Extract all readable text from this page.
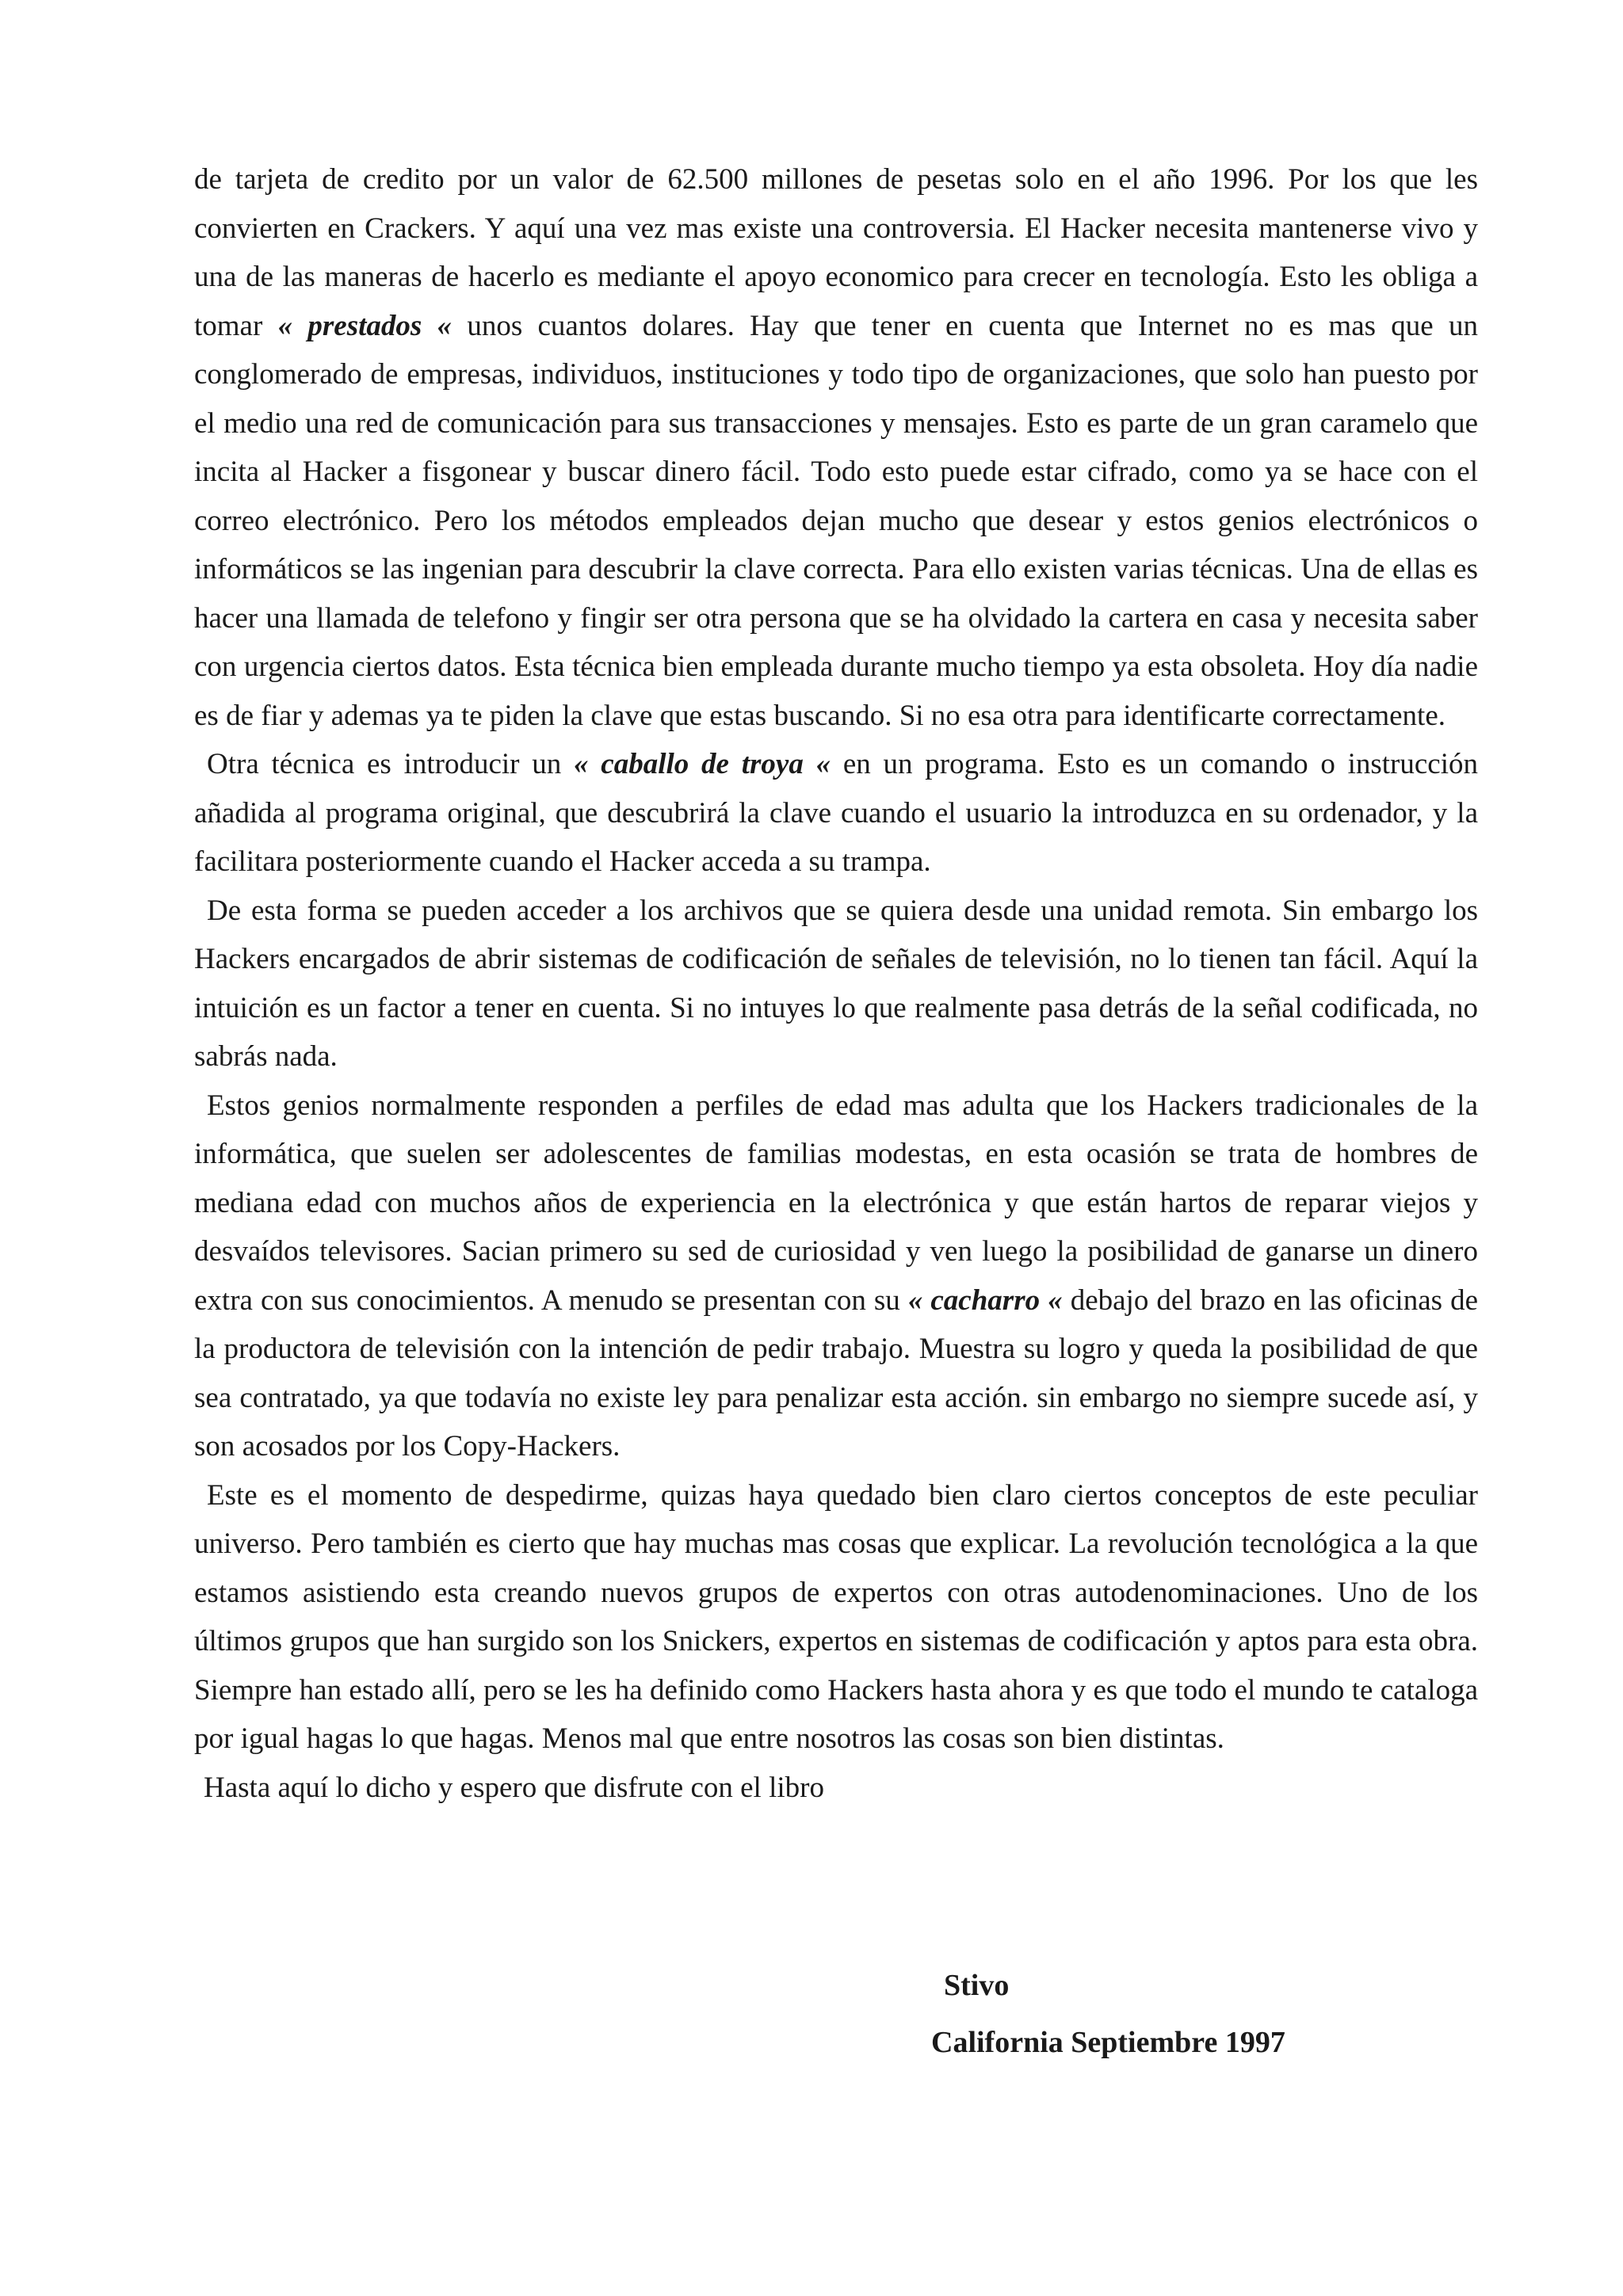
de tarjeta de credito por un valor de 62.500 millones de pesetas solo en el año 1996. Por los que les convierten en Crackers. Y aquí una vez mas existe una controversia. El Hacker necesita mantenerse vivo y una de las maneras de hacerlo es mediante el apoyo economico para crecer en tecnología. Esto les obliga a tomar « prestados « unos cuantos dolares. Hay que tener en cuenta que Internet no es mas que un conglomerado de empresas, individuos, instituciones y todo tipo de organizaciones, que solo han puesto por el medio una red de comunicación para sus transacciones y mensajes. Esto es parte de un gran caramelo que incita al Hacker a fisgonear y buscar dinero fácil. Todo esto puede estar cifrado, como ya se hace con el correo electrónico. Pero los métodos empleados dejan mucho que desear y estos genios electrónicos o informáticos se las ingenian para descubrir la clave correcta. Para ello existen varias técnicas. Una de ellas es hacer una llamada de telefono y fingir ser otra persona que se ha olvidado la cartera en casa y necesita saber con urgencia ciertos datos. Esta técnica bien empleada durante mucho tiempo ya esta obsoleta. Hoy día nadie es de fiar y ademas ya te piden la clave que estas buscando. Si no esa otra para identificarte correctamente.

Otra técnica es introducir un « caballo de troya « en un programa. Esto es un comando o instrucción añadida al programa original, que descubrirá la clave cuando el usuario la introduzca en su ordenador, y la facilitara posteriormente cuando el Hacker acceda a su trampa.

De esta forma se pueden acceder a los archivos que se quiera desde una unidad remota. Sin embargo los Hackers encargados de abrir sistemas de codificación de señales de televisión, no lo tienen tan fácil. Aquí la intuición es un factor a tener en cuenta. Si no intuyes lo que realmente pasa detrás de la señal codificada, no sabrás nada.

Estos genios normalmente responden a perfiles de edad mas adulta que los Hackers tradicionales de la informática, que suelen ser adolescentes de familias modestas, en esta ocasión se trata de hombres de mediana edad con muchos años de experiencia en la electrónica y que están hartos de reparar viejos y desvaídos televisores. Sacian primero su sed de curiosidad y ven luego la posibilidad de ganarse un dinero extra con sus conocimientos. A menudo se presentan con su « cacharro « debajo del brazo en las oficinas de la productora de televisión con la intención de pedir trabajo. Muestra su logro y queda la posibilidad de que sea contratado, ya que todavía no existe ley para penalizar esta acción. sin embargo no siempre sucede así, y son acosados por los Copy-Hackers.

Este es el momento de despedirme, quizas haya quedado bien claro ciertos conceptos de este peculiar universo. Pero también es cierto que hay muchas mas cosas que explicar. La revolución tecnológica a la que estamos asistiendo esta creando nuevos grupos de expertos con otras autodenominaciones. Uno de los últimos grupos que han surgido son los Snickers, expertos en sistemas de codificación y aptos para esta obra. Siempre han estado allí, pero se les ha definido como Hackers hasta ahora y es que todo el mundo te cataloga por igual hagas lo que hagas. Menos mal que entre nosotros las cosas son bien distintas.

Hasta aquí lo dicho y espero que disfrute con el libro

Stivo
California Septiembre 1997
